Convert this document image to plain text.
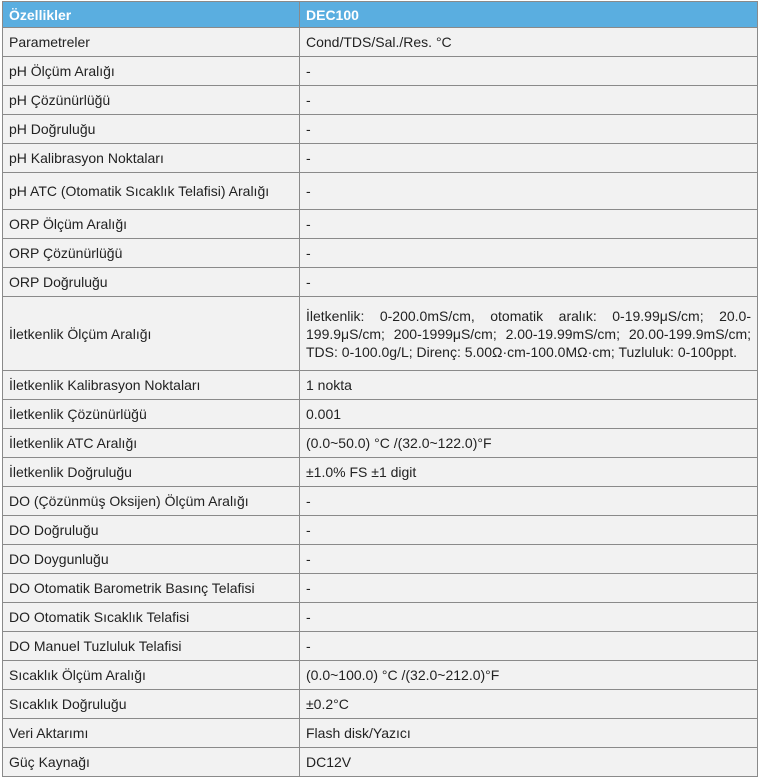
Özellikler	DEC100
Parametreler	Cond/TDS/Sal./Res. °C
pH Ölçüm Aralığı	-
pH Çözünürlüğü	-
pH Doğruluğu	-
pH Kalibrasyon Noktaları	-
pH ATC (Otomatik Sıcaklık Telafisi) Aralığı	-
ORP Ölçüm Aralığı	-
ORP Çözünürlüğü	-
ORP Doğruluğu	-
İletkenlik Ölçüm Aralığı	İletkenlik: 0-200.0mS/cm, otomatik aralık: 0-19.99μS/cm; 20.0-199.9μS/cm; 200-1999μS/cm; 2.00-19.99mS/cm; 20.00-199.9mS/cm; TDS: 0-100.0g/L; Direnç: 5.00Ω·cm-100.0MΩ·cm; Tuzluluk: 0-100ppt.
İletkenlik Kalibrasyon Noktaları	1 nokta
İletkenlik Çözünürlüğü	0.001
İletkenlik ATC Aralığı	(0.0~50.0) °C /(32.0~122.0)°F
İletkenlik Doğruluğu	±1.0% FS ±1 digit
DO (Çözünmüş Oksijen) Ölçüm Aralığı	-
DO Doğruluğu	-
DO Doygunluğu	-
DO Otomatik Barometrik Basınç Telafisi	-
DO Otomatik Sıcaklık Telafisi	-
DO Manuel Tuzluluk Telafisi	-
Sıcaklık Ölçüm Aralığı	(0.0~100.0) °C /(32.0~212.0)°F
Sıcaklık Doğruluğu	±0.2°C
Veri Aktarımı	Flash disk/Yazıcı
Güç Kaynağı	DC12V
